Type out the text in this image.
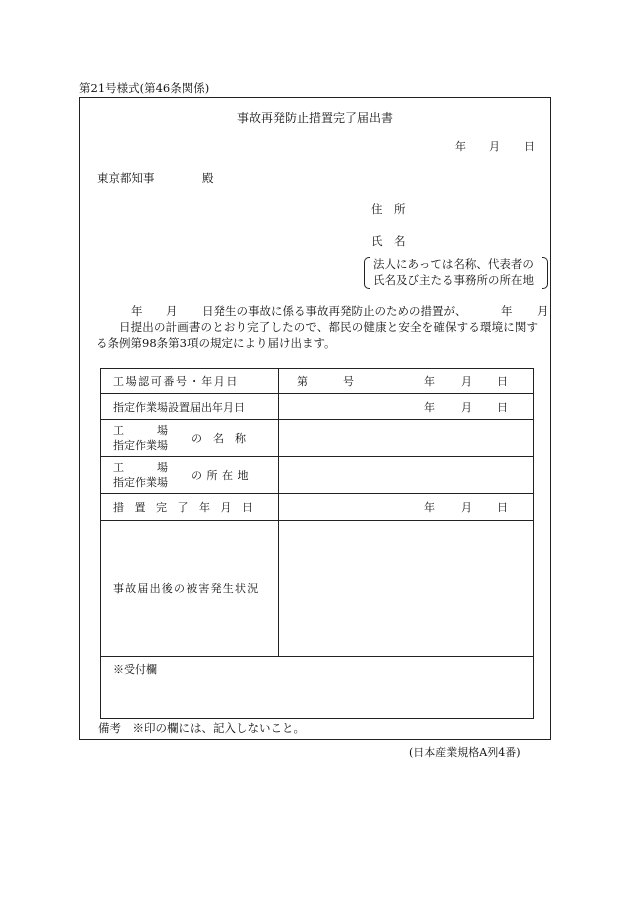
第21号様式(第46条関係)
事故再発防止措置完了届出書
年 月 日
東京都知事	殿
住　所
氏　名
法人にあっては名称、代表者の
氏名及び主たる事務所の所在地
年 月 日発生の事故に係る事故再発防止のための措置が、	年 月
日提出の計画書のとおり完了したので、都民の健康と安全を確保する環境に関す
る条例第98条第3項の規定により届け出ます。
工場認可番号・年月日	第 号 年 月 日

指定作業場設置届出年月日	年 月 日

工　　　場
指定作業場
の　名　称	

工　　　場
指定作業場
の所在地	

措置完了年月日	年 月 日

事故届出後の被害発生状況	

※受付欄	
備考　※印の欄には、記入しないこと。
(日本産業規格A列4番)
